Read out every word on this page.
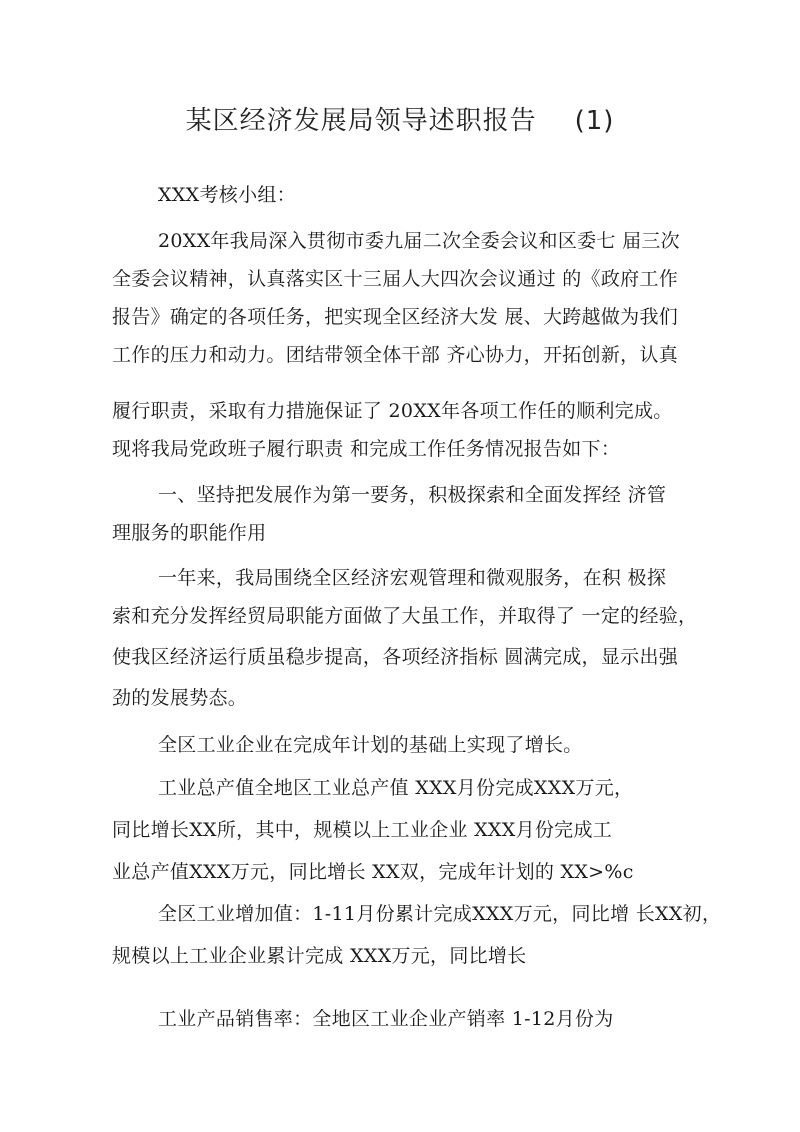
某区经济发展局领导述职报告 (1)
XXX考核小组：
20XX年我局深入贯彻市委九届二次全委会议和区委七 届三次
全委会议精神，认真落实区十三届人大四次会议通过 的《政府工作
报告》确定的各项任务，把实现全区经济大发 展、大跨越做为我们
工作的压力和动力。团结带领全体干部 齐心协力，开拓创新，认真
履行职责，采取有力措施保证了 20XX年各项工作任的顺利完成。
现将我局党政班子履行职责 和完成工作任务情况报告如下：
一、坚持把发展作为第一要务，积极探索和全面发挥经 济管
理服务的职能作用
一年来，我局围绕全区经济宏观管理和微观服务，在积 极探
索和充分发挥经贸局职能方面做了大虽工作，并取得了 一定的经验，
使我区经济运行质虽稳步提高，各项经济指标 圆满完成，显示出强
劲的发展势态。
全区工业企业在完成年计划的基础上实现了增长。
工业总产值全地区工业总产值 XXX月份完成XXX万元，
同比增长XX所，其中，规模以上工业企业 XXX月份完成工
业总产值XXX万元，同比增长 XX双，完成年计划的 XX>%c
全区工业增加值：1-11月份累计完成XXX万元，同比增 长XX初，
规模以上工业企业累计完成 XXX万元，同比增长
工业产品销售率：全地区工业企业产销率 1-12月份为
